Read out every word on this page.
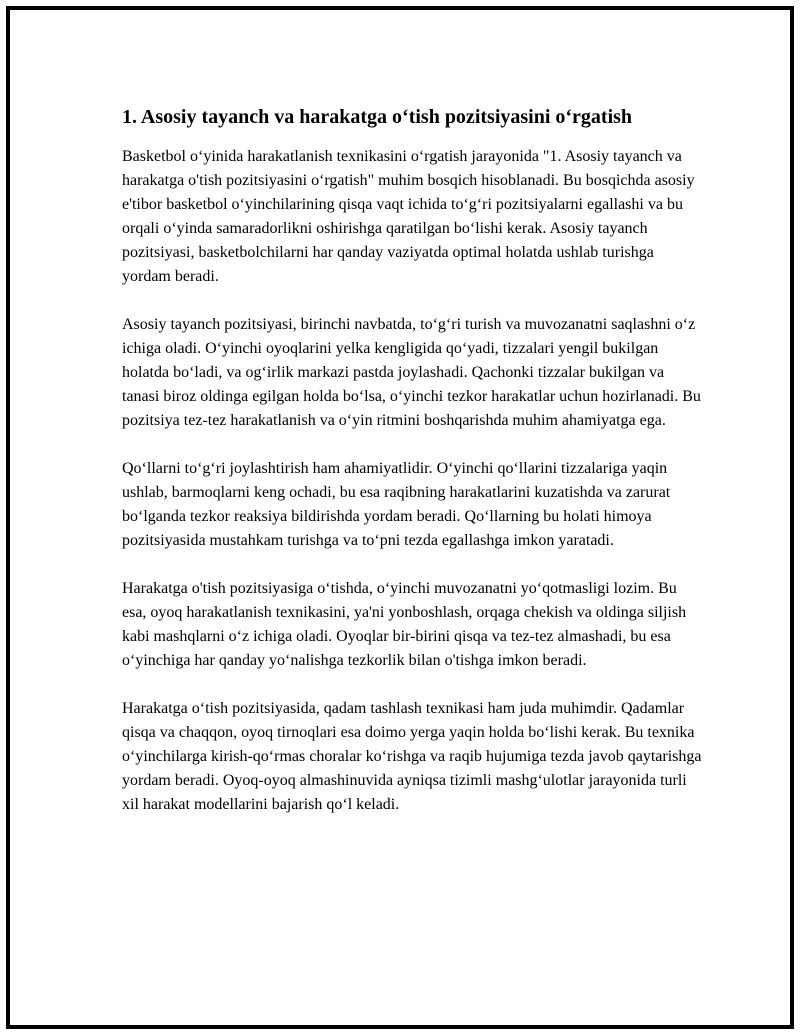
1. Asosiy tayanch va harakatga oʻtish pozitsiyasini oʻrgatish

Basketbol oʻyinida harakatlanish texnikasini oʻrgatish jarayonida "1. Asosiy tayanch va harakatga o'tish pozitsiyasini oʻrgatish" muhim bosqich hisoblanadi. Bu bosqichda asosiy e'tibor basketbol oʻyinchilarining qisqa vaqt ichida toʻgʻri pozitsiyalarni egallashi va bu orqali oʻyinda samaradorlikni oshirishga qaratilgan boʻlishi kerak. Asosiy tayanch pozitsiyasi, basketbolchilarni har qanday vaziyatda optimal holatda ushlab turishga yordam beradi.

Asosiy tayanch pozitsiyasi, birinchi navbatda, toʻgʻri turish va muvozanatni saqlashni oʻz ichiga oladi. Oʻyinchi oyoqlarini yelka kengligida qoʻyadi, tizzalari yengil bukilgan holatda boʻladi, va ogʻirlik markazi pastda joylashadi. Qachonki tizzalar bukilgan va tanasi biroz oldinga egilgan holda boʻlsa, oʻyinchi tezkor harakatlar uchun hozirlanadi. Bu pozitsiya tez-tez harakatlanish va oʻyin ritmini boshqarishda muhim ahamiyatga ega.

Qoʻllarni toʻgʻri joylashtirish ham ahamiyatlidir. Oʻyinchi qoʻllarini tizzalariga yaqin ushlab, barmoqlarni keng ochadi, bu esa raqibning harakatlarini kuzatishda va zarurat boʻlganda tezkor reaksiya bildirishda yordam beradi. Qoʻllarning bu holati himoya pozitsiyasida mustahkam turishga va toʻpni tezda egallashga imkon yaratadi.

Harakatga o'tish pozitsiyasiga oʻtishda, oʻyinchi muvozanatni yoʻqotmasligi lozim. Bu esa, oyoq harakatlanish texnikasini, ya'ni yonboshlash, orqaga chekish va oldinga siljish kabi mashqlarni oʻz ichiga oladi. Oyoqlar bir-birini qisqa va tez-tez almashadi, bu esa oʻyinchiga har qanday yoʻnalishga tezkorlik bilan o'tishga imkon beradi.

Harakatga oʻtish pozitsiyasida, qadam tashlash texnikasi ham juda muhimdir. Qadamlar qisqa va chaqqon, oyoq tirnoqlari esa doimo yerga yaqin holda boʻlishi kerak. Bu texnika oʻyinchilarga kirish-qoʻrmas choralar koʻrishga va raqib hujumiga tezda javob qaytarishga yordam beradi. Oyoq-oyoq almashinuvida ayniqsa tizimli mashgʻulotlar jarayonida turli xil harakat modellarini bajarish qoʻl keladi.
